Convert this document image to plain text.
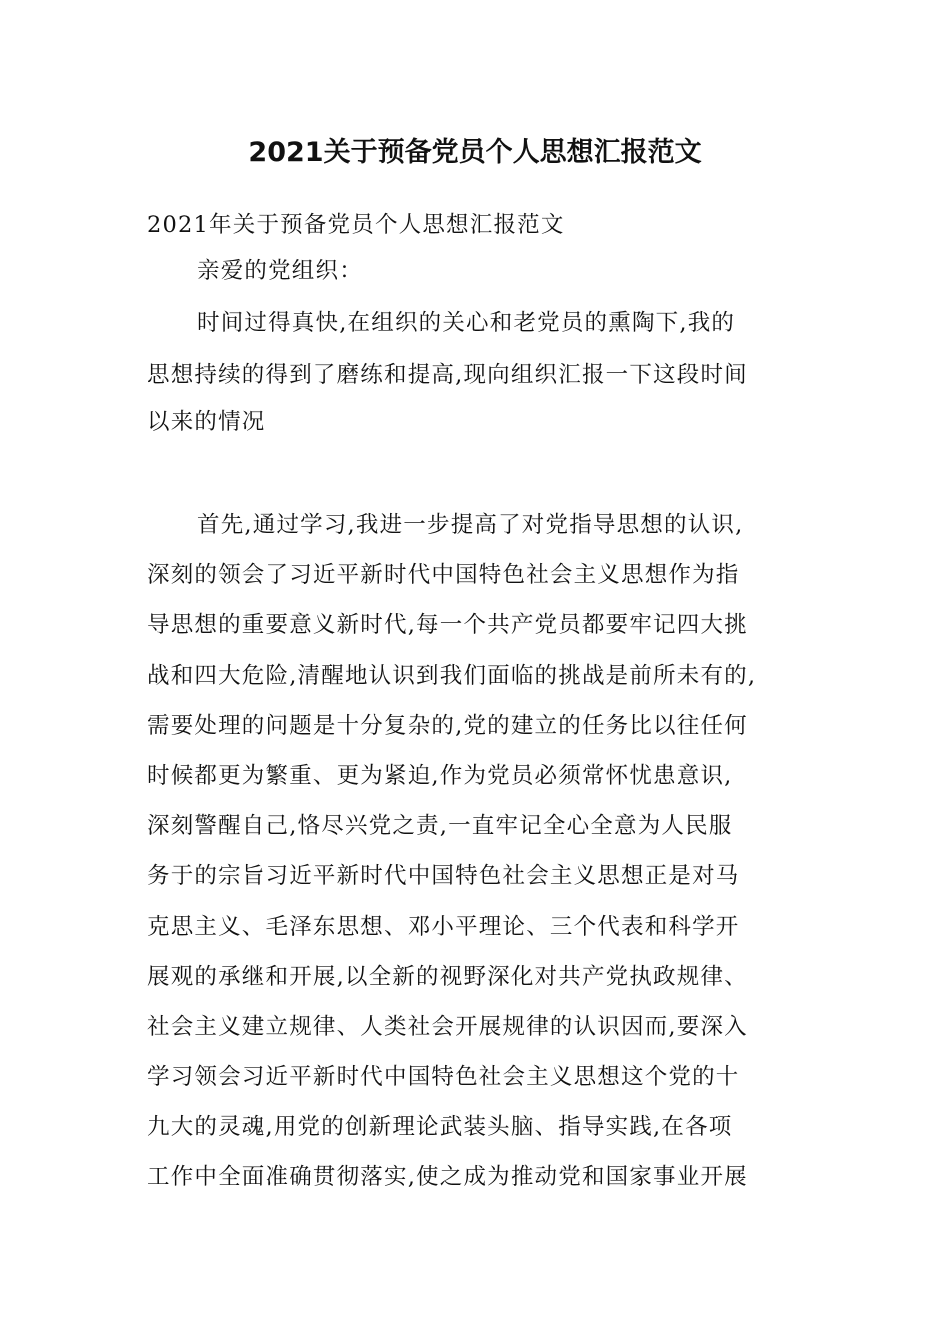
2021关于预备党员个人思想汇报范文
2021年关于预备党员个人思想汇报范文
亲爱的党组织：
时间过得真快,在组织的关心和老党员的熏陶下,我的
思想持续的得到了磨练和提高,现向组织汇报一下这段时间
以来的情况
首先,通过学习,我进一步提高了对党指导思想的认识,
深刻的领会了习近平新时代中国特色社会主义思想作为指
导思想的重要意义新时代,每一个共产党员都要牢记四大挑
战和四大危险,清醒地认识到我们面临的挑战是前所未有的,
需要处理的问题是十分复杂的,党的建立的任务比以往任何
时候都更为繁重、更为紧迫,作为党员必须常怀忧患意识,
深刻警醒自己,恪尽兴党之责,一直牢记全心全意为人民服
务于的宗旨习近平新时代中国特色社会主义思想正是对马
克思主义、毛泽东思想、邓小平理论、三个代表和科学开
展观的承继和开展,以全新的视野深化对共产党执政规律、
社会主义建立规律、人类社会开展规律的认识因而,要深入
学习领会习近平新时代中国特色社会主义思想这个党的十
九大的灵魂,用党的创新理论武装头脑、指导实践,在各项
工作中全面准确贯彻落实,使之成为推动党和国家事业开展
